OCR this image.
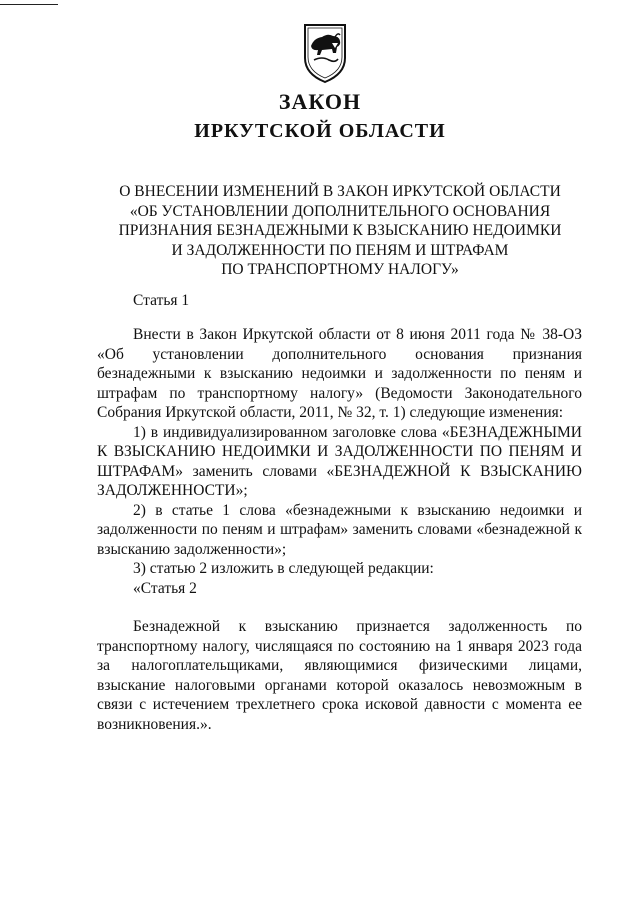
ЗАКОН
ИРКУТСКОЙ ОБЛАСТИ
О ВНЕСЕНИИ ИЗМЕНЕНИЙ В ЗАКОН ИРКУТСКОЙ ОБЛАСТИ
«ОБ УСТАНОВЛЕНИИ ДОПОЛНИТЕЛЬНОГО ОСНОВАНИЯ
ПРИЗНАНИЯ БЕЗНАДЕЖНЫМИ К ВЗЫСКАНИЮ НЕДОИМКИ
И ЗАДОЛЖЕННОСТИ ПО ПЕНЯМ И ШТРАФАМ
ПО ТРАНСПОРТНОМУ НАЛОГУ»
Статья 1

Внести в Закон Иркутской области от 8 июня 2011 года № 38-ОЗ «Об установлении дополнительного основания признания безнадежными к взысканию недоимки и задолженности по пеням и штрафам по транспортному налогу» (Ведомости Законодательного Собрания Иркутской области, 2011, № 32, т. 1) следующие изменения:

1) в индивидуализированном заголовке слова «БЕЗНАДЕЖНЫМИ К ВЗЫСКАНИЮ НЕДОИМКИ И ЗАДОЛЖЕННОСТИ ПО ПЕНЯМ И ШТРАФАМ» заменить словами «БЕЗНАДЕЖНОЙ К ВЗЫСКАНИЮ ЗАДОЛЖЕННОСТИ»;

2) в статье 1 слова «безнадежными к взысканию недоимки и задолженности по пеням и штрафам» заменить словами «безнадежной к взысканию задолженности»;

3) статью 2 изложить в следующей редакции:

«Статья 2

Безнадежной к взысканию признается задолженность по транспортному налогу, числящаяся по состоянию на 1 января 2023 года за налогоплательщиками, являющимися физическими лицами, взыскание налоговыми органами которой оказалось невозможным в связи с истечением трехлетнего срока исковой давности с момента ее возникновения.».
